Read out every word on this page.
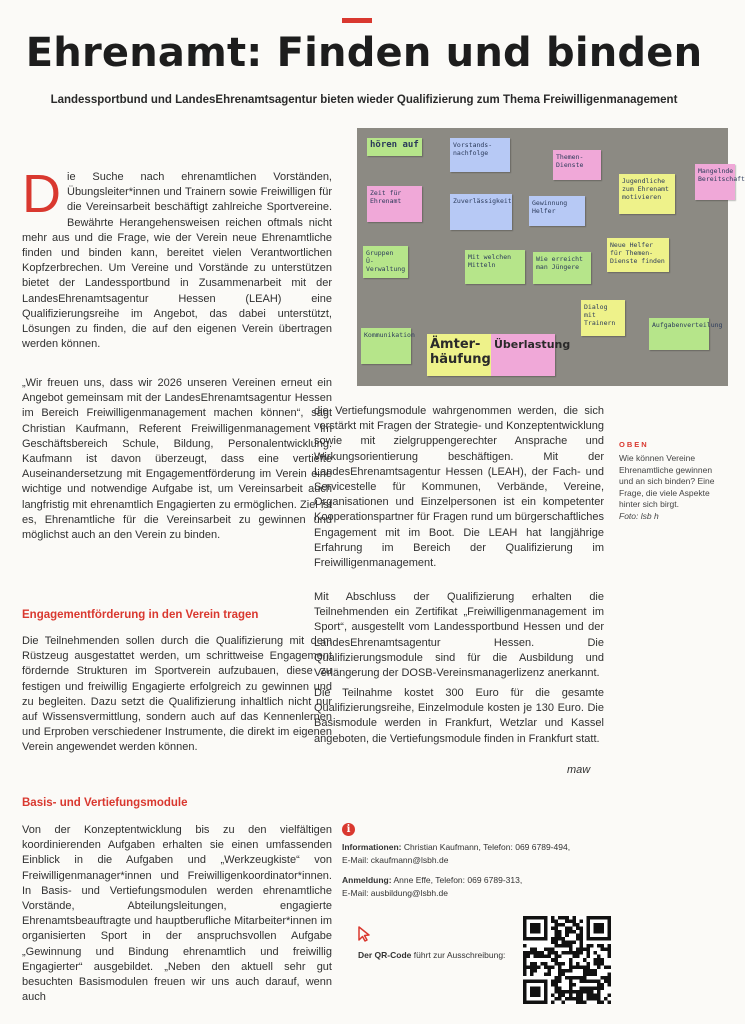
Ehrenamt: Finden und binden
Landessportbund und LandesEhrenamtsagentur bieten wieder Qualifizierung zum Thema Freiwilligenmanagement
hören auf	Vorstands-nachfolge	Themen-Dienste
Jugendliche zum Ehrenamt motivieren
Mangelnde Bereitschaft
Zeit für Ehrenamt	Zuverlässigkeit	Gewinnung Helfer
Gruppen Ü-Verwaltung
Mit welchen Mitteln
Wie erreicht man Jüngere
Neue Helfer für Themen-Dienste finden
Dialog mit Trainern
Ämter-häufung
Überlastung
Aufgabenverteilung
Kommunikation
D ie Suche nach ehrenamtlichen Vorständen, Übungsleiter*innen und Trainern sowie Freiwilligen für die Vereinsarbeit beschäftigt zahlreiche Sportvereine. Bewährte Herangehensweisen reichen oftmals nicht mehr aus und die Frage, wie der Verein neue Ehrenamtliche finden und binden kann, bereitet vielen Verantwortlichen Kopfzerbrechen. Um Vereine und Vorstände zu unterstützen bietet der Landessportbund in Zusammenarbeit mit der LandesEhrenamtsagentur Hessen (LEAH) eine Qualifizierungsreihe im Angebot, das dabei unterstützt, Lösungen zu finden, die auf den eigenen Verein übertragen werden können.

„Wir freuen uns, dass wir 2026 unseren Vereinen erneut ein Angebot gemeinsam mit der LandesEhrenamtsagentur Hessen im Bereich Freiwilligenmanagement machen können“, sagt Christian Kaufmann, Referent Freiwilligenmanagement im Geschäftsbereich Schule, Bildung, Personalentwicklung. Kaufmann ist davon überzeugt, dass eine vertiefte Auseinandersetzung mit Engagementförderung im Verein eine wichtige und notwendige Aufgabe ist, um Vereinsarbeit auch langfristig mit ehrenamtlich Engagierten zu ermöglichen. Ziel ist es, Ehrenamtliche für die Vereinsarbeit zu gewinnen und möglichst auch an den Verein zu binden.
Engagementförderung in den Verein tragen
Die Teilnehmenden sollen durch die Qualifizierung mit dem Rüstzeug ausgestattet werden, um schrittweise Engagement fördernde Strukturen im Sportverein aufzubauen, diese zu festigen und freiwillig Engagierte erfolgreich zu gewinnen und zu begleiten. Dazu setzt die Qualifizierung inhaltlich nicht nur auf Wissensvermittlung, sondern auch auf das Kennenlernen und Erproben verschiedener Instrumente, die direkt im eigenen Verein angewendet werden können.
Basis- und Vertiefungsmodule
Von der Konzeptentwicklung bis zu den vielfältigen koordinierenden Aufgaben erhalten sie einen umfassenden Einblick in die Aufgaben und „Werkzeugkiste“ von Freiwilligenmanager*innen und Freiwilligenkoordinator*innen. In Basis- und Vertiefungsmodulen werden ehrenamtliche Vorstände, Abteilungsleitungen, engagierte Ehrenamtsbeauftragte und hauptberufliche Mitarbeiter*innen im organisierten Sport in der anspruchsvollen Aufgabe „Gewinnung und Bindung ehrenamtlich und freiwillig Engagierter“ ausgebildet. „Neben den aktuell sehr gut besuchten Basismodulen freuen wir uns auch darauf, wenn auch
die Vertiefungsmodule wahrgenommen werden, die sich verstärkt mit Fragen der Strategie- und Konzeptentwicklung sowie mit zielgruppengerechter Ansprache und Wirkungsorientierung beschäftigen. Mit der LandesEhrenamtsagentur Hessen (LEAH), der Fach- und Servicestelle für Kommunen, Verbände, Vereine, Organisationen und Einzelpersonen ist ein kompetenter Kooperationspartner für Fragen rund um bürgerschaftliches Engagement mit im Boot. Die LEAH hat langjährige Erfahrung im Bereich der Qualifizierung im Freiwilligenmanagement.
Mit Abschluss der Qualifizierung erhalten die Teilnehmenden ein Zertifikat „Freiwilligenmanagement im Sport“, ausgestellt vom Landessportbund Hessen und der LandesEhrenamtsagentur Hessen. Die Qualifizierungsmodule sind für die Ausbildung und Verlängerung der DOSB-Vereinsmanagerlizenz anerkannt.
Die Teilnahme kostet 300 Euro für die gesamte Qualifizierungsreihe, Einzelmodule kosten je 130 Euro. Die Basismodule werden in Frankfurt, Wetzlar und Kassel angeboten, die Vertiefungsmodule finden in Frankfurt statt.
maw
OBEN
Wie können Vereine Ehrenamtliche gewinnen und an sich binden? Eine Frage, die viele Aspekte hinter sich birgt.
Foto: lsb h
i
Informationen: Christian Kaufmann, Telefon: 069 6789-494,
E-Mail: ckaufmann@lsbh.de
Anmeldung: Anne Effe, Telefon: 069 6789-313,
E-Mail: ausbildung@lsbh.de
Der QR-Code führt zur Ausschreibung:
